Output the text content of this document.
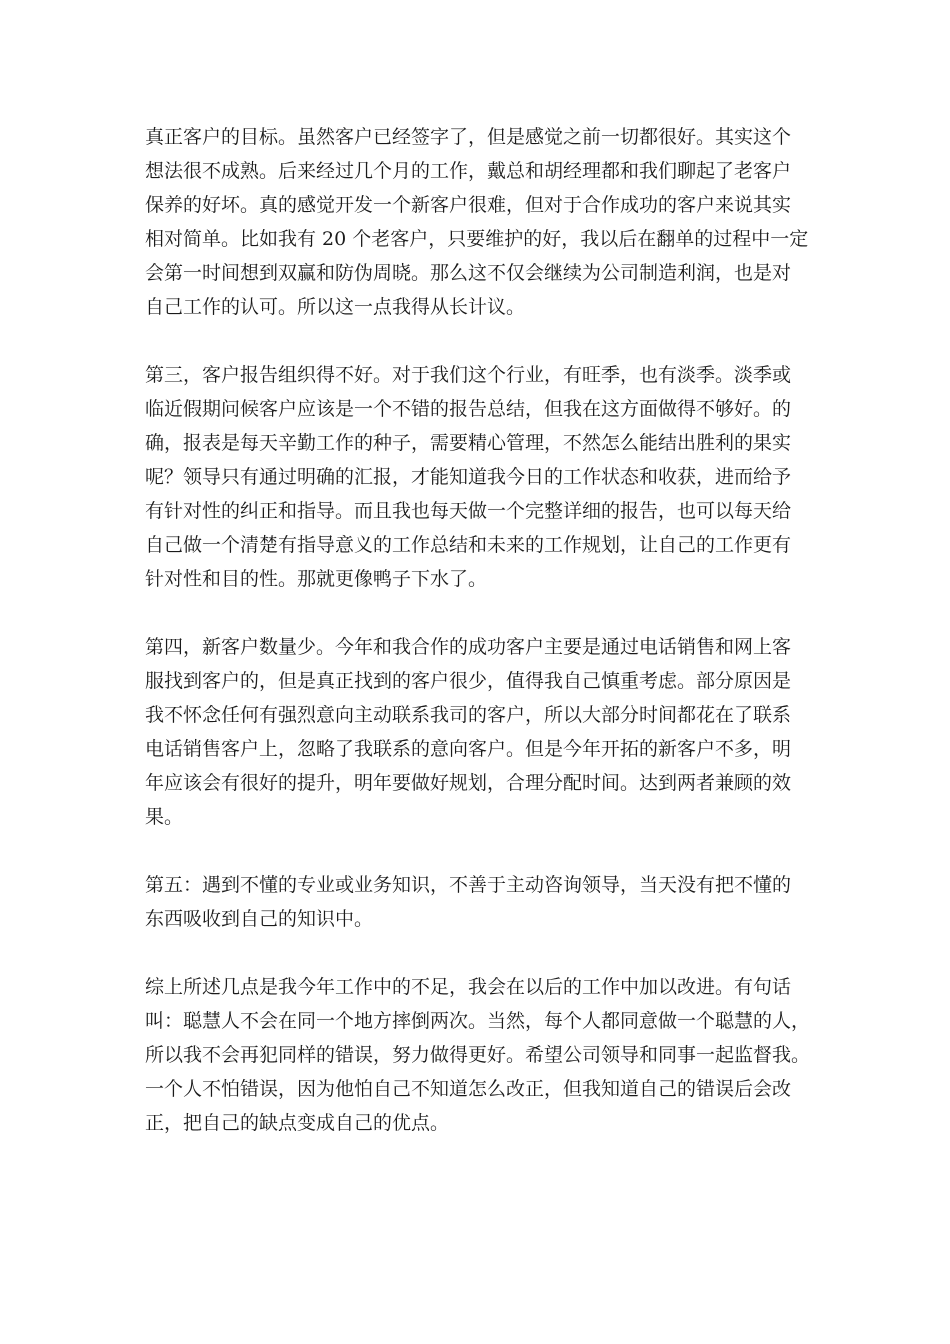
真正客户的目标。虽然客户已经签字了，但是感觉之前一切都很好。其实这个
想法很不成熟。后来经过几个月的工作，戴总和胡经理都和我们聊起了老客户
保养的好坏。真的感觉开发一个新客户很难，但对于合作成功的客户来说其实
相对简单。比如我有 20 个老客户，只要维护的好，我以后在翻单的过程中一定
会第一时间想到双赢和防伪周晓。那么这不仅会继续为公司制造利润，也是对
自己工作的认可。所以这一点我得从长计议。
第三，客户报告组织得不好。对于我们这个行业，有旺季，也有淡季。淡季或
临近假期问候客户应该是一个不错的报告总结，但我在这方面做得不够好。的
确，报表是每天辛勤工作的种子，需要精心管理，不然怎么能结出胜利的果实
呢？领导只有通过明确的汇报，才能知道我今日的工作状态和收获，进而给予
有针对性的纠正和指导。而且我也每天做一个完整详细的报告，也可以每天给
自己做一个清楚有指导意义的工作总结和未来的工作规划，让自己的工作更有
针对性和目的性。那就更像鸭子下水了。
第四，新客户数量少。今年和我合作的成功客户主要是通过电话销售和网上客
服找到客户的，但是真正找到的客户很少，值得我自己慎重考虑。部分原因是
我不怀念任何有强烈意向主动联系我司的客户，所以大部分时间都花在了联系
电话销售客户上，忽略了我联系的意向客户。但是今年开拓的新客户不多，明
年应该会有很好的提升，明年要做好规划，合理分配时间。达到两者兼顾的效
果。
第五：遇到不懂的专业或业务知识，不善于主动咨询领导，当天没有把不懂的
东西吸收到自己的知识中。
综上所述几点是我今年工作中的不足，我会在以后的工作中加以改进。有句话
叫：聪慧人不会在同一个地方摔倒两次。当然，每个人都同意做一个聪慧的人，
所以我不会再犯同样的错误，努力做得更好。希望公司领导和同事一起监督我。
一个人不怕错误，因为他怕自己不知道怎么改正，但我知道自己的错误后会改
正，把自己的缺点变成自己的优点。
